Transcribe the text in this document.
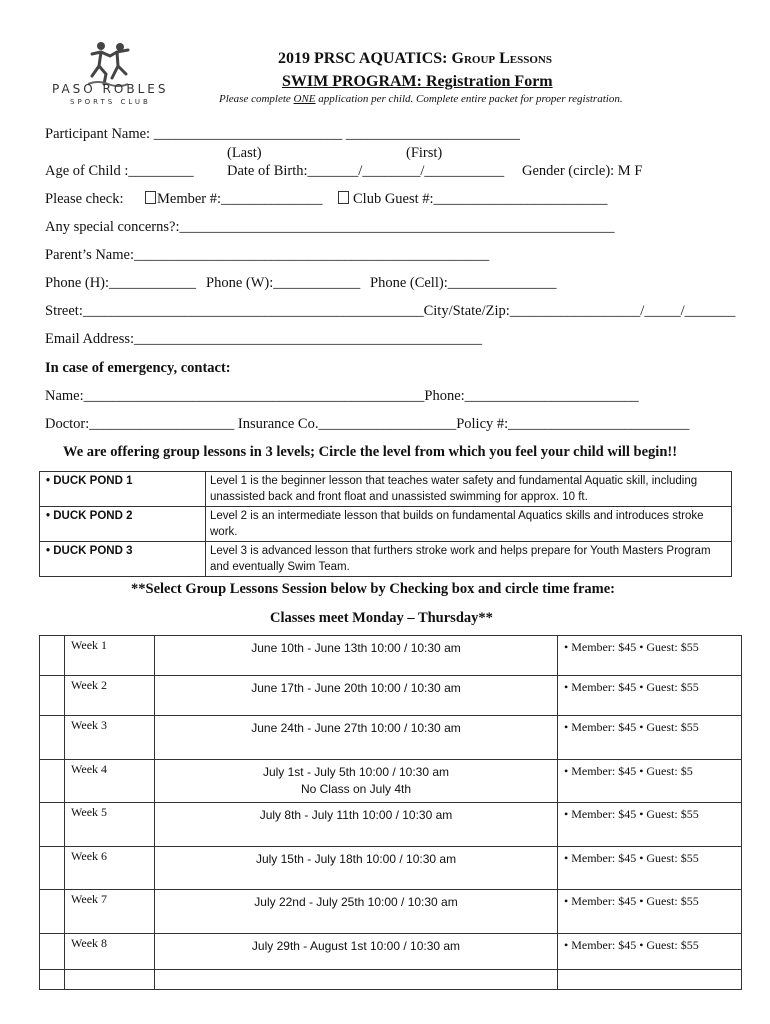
PASO ROBLES
SPORTS CLUB
2019 PRSC AQUATICS: Group Lessons
SWIM PROGRAM: Registration Form
Please complete ONE application per child. Complete entire packet for proper registration.
Participant Name: __________________________ ________________________
(Last)	(First)
Age of Child :_________ Date of Birth:_______/________/___________ Gender (circle): M F
Please check:	Member #:______________	Club Guest #:________________________
Any special concerns?:____________________________________________________________
Parent’s Name:_________________________________________________
Phone (H):____________ Phone (W):____________ Phone (Cell):_______________
Street:_______________________________________________City/State/Zip:__________________/_____/_______
Email Address:________________________________________________
In case of emergency, contact:
Name:_______________________________________________Phone:________________________
Doctor:____________________ Insurance Co.___________________Policy #:_________________________
We are offering group lessons in 3 levels; Circle the level from which you feel your child will begin!!
• DUCK POND 1	Level 1 is the beginner lesson that teaches water safety and fundamental Aquatic skill, including unassisted back and front float and unassisted swimming for approx. 10 ft.
• DUCK POND 2	Level 2 is an intermediate lesson that builds on fundamental Aquatics skills and introduces stroke work.
• DUCK POND 3	Level 3 is advanced lesson that furthers stroke work and helps prepare for Youth Masters Program and eventually Swim Team.
**Select Group Lessons Session below by Checking box and circle time frame:
Classes meet Monday – Thursday**
	Week 1	June 10th - June 13th 10:00 / 10:30 am	• Member: $45 • Guest: $55
	Week 2	June 17th - June 20th 10:00 / 10:30 am	• Member: $45 • Guest: $55
	Week 3	June 24th - June 27th 10:00 / 10:30 am	• Member: $45 • Guest: $55
	Week 4	July 1st - July 5th 10:00 / 10:30 am
No Class on July 4th	• Member: $45 • Guest: $5
	Week 5	July 8th - July 11th 10:00 / 10:30 am	• Member: $45 • Guest: $55
	Week 6	July 15th - July 18th 10:00 / 10:30 am	• Member: $45 • Guest: $55
	Week 7	July 22nd - July 25th 10:00 / 10:30 am	• Member: $45 • Guest: $55
	Week 8	July 29th - August 1st 10:00 / 10:30 am	• Member: $45 • Guest: $55
